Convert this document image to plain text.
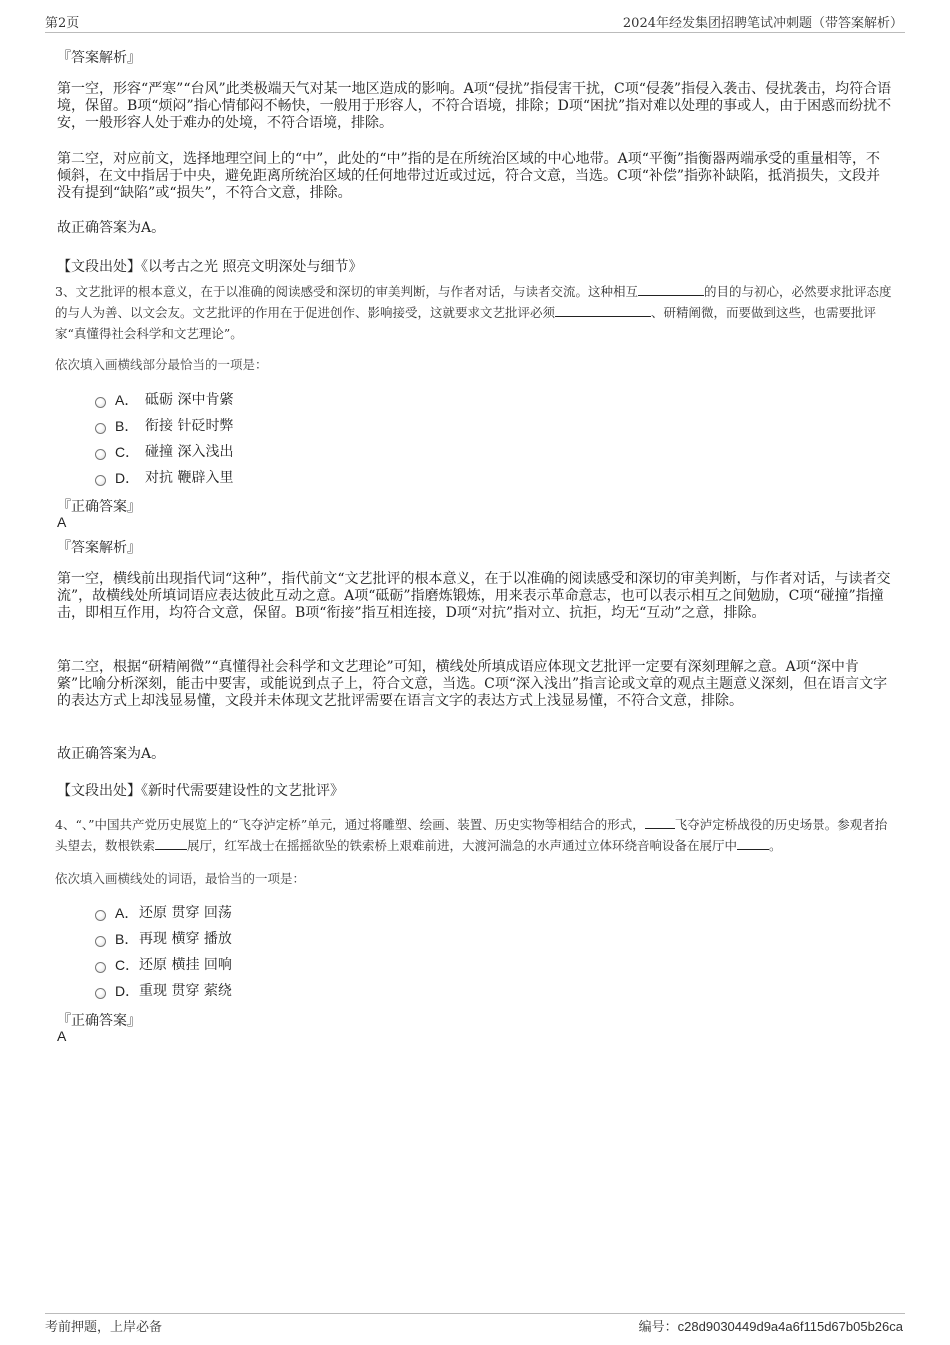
第2页	2024年经发集团招聘笔试冲刺题（带答案解析）
『答案解析』
第一空，形容“严寒”“台风”此类极端天气对某一地区造成的影响。A项“侵扰”指侵害干扰，C项“侵袭”指侵入袭击、侵扰袭击，均符合语境，保留。B项“烦闷”指心情郁闷不畅快，一般用于形容人，不符合语境，排除；D项“困扰”指对难以处理的事或人，由于困惑而纷扰不安，一般形容人处于难办的处境，不符合语境，排除。
第二空，对应前文，选择地理空间上的“中”，此处的“中”指的是在所统治区域的中心地带。A项“平衡”指衡器两端承受的重量相等，不倾斜，在文中指居于中央，避免距离所统治区域的任何地带过近或过远，符合文意，当选。C项“补偿”指弥补缺陷，抵消损失，文段并没有提到“缺陷”或“损失”，不符合文意，排除。
故正确答案为A。
【文段出处】《以考古之光 照亮文明深处与细节》
3、文艺批评的根本意义，在于以准确的阅读感受和深切的审美判断，与作者对话，与读者交流。这种相互	的目的与初心，必然要求批评态度的与人为善、以文会友。文艺批评的作用在于促进创作、影响接受，这就要求文艺批评必须	、研精阐微，而要做到这些，也需要批评家“真懂得社会科学和文艺理论”。
依次填入画横线部分最恰当的一项是：
A． 砥砺 深中肯綮
B． 衔接 针砭时弊
C． 碰撞 深入浅出
D． 对抗 鞭辟入里
『正确答案』
A
『答案解析』
第一空，横线前出现指代词“这种”，指代前文“文艺批评的根本意义，在于以准确的阅读感受和深切的审美判断，与作者对话，与读者交流”，故横线处所填词语应表达彼此互动之意。A项“砥砺”指磨炼锻炼，用来表示革命意志，也可以表示相互之间勉励，C项“碰撞”指撞击，即相互作用，均符合文意，保留。B项“衔接”指互相连接，D项“对抗”指对立、抗拒，均无“互动”之意，排除。
第二空，根据“研精阐微”“真懂得社会科学和文艺理论”可知，横线处所填成语应体现文艺批评一定要有深刻理解之意。A项“深中肯綮”比喻分析深刻，能击中要害，或能说到点子上，符合文意，当选。C项“深入浅出”指言论或文章的观点主题意义深刻，但在语言文字的表达方式上却浅显易懂，文段并未体现文艺批评需要在语言文字的表达方式上浅显易懂，不符合文意，排除。
故正确答案为A。
【文段出处】《新时代需要建设性的文艺批评》
4、“、”中国共产党历史展览上的“飞夺泸定桥”单元，通过将雕塑、绘画、装置、历史实物等相结合的形式， 飞夺泸定桥战役的历史场景。参观者抬头望去，数根铁索	展厅，红军战士在摇摇欲坠的铁索桥上艰难前进，大渡河湍急的水声通过立体环绕音响设备在展厅中	。
依次填入画横线处的词语，最恰当的一项是：
A． 还原 贯穿 回荡
B． 再现 横穿 播放
C． 还原 横挂 回响
D． 重现 贯穿 萦绕
『正确答案』
A
考前押题，上岸必备	编号：c28d9030449d9a4a6f115d67b05b26ca
